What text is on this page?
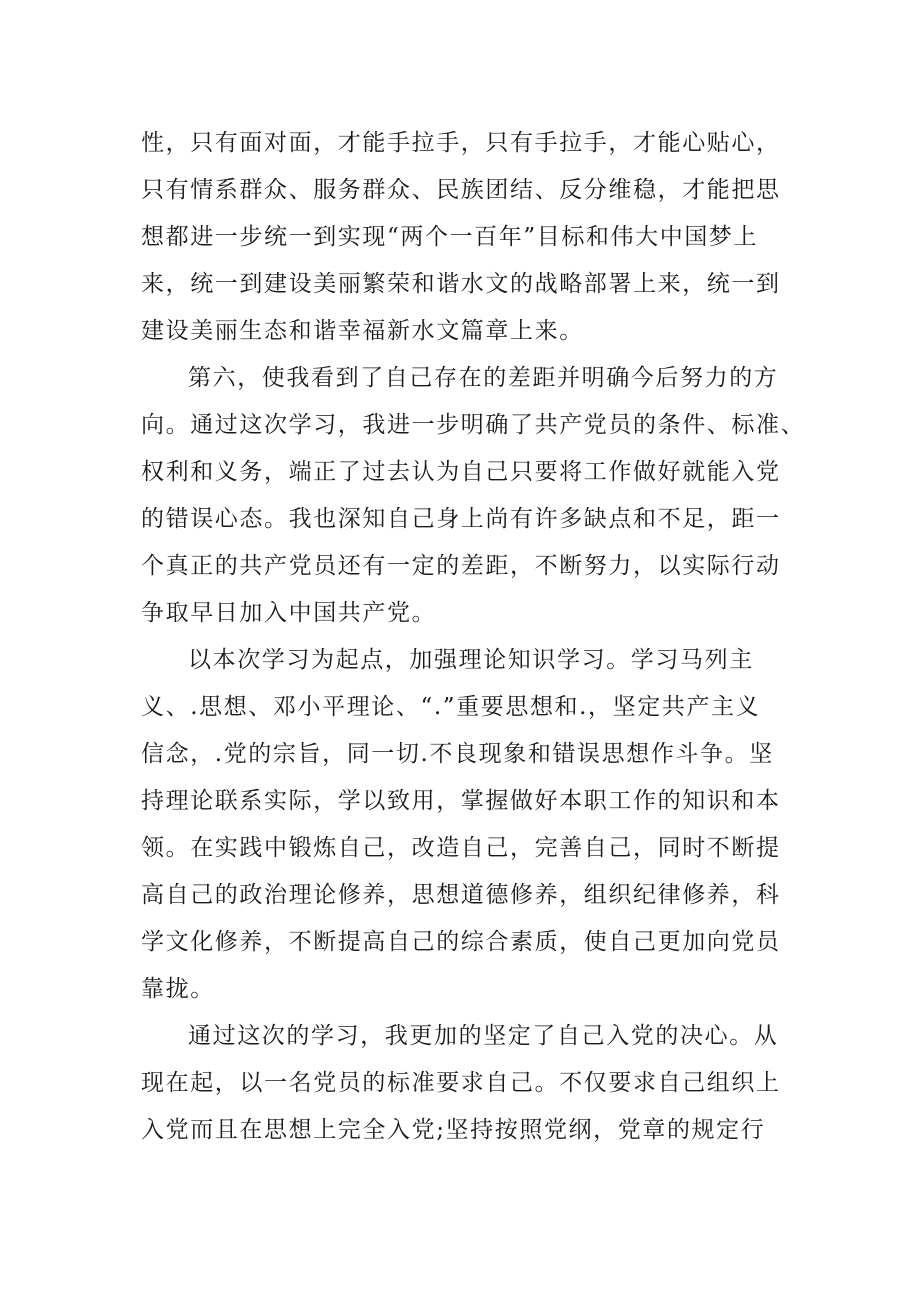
性，只有面对面，才能手拉手，只有手拉手，才能心贴心，
只有情系群众、服务群众、民族团结、反分维稳，才能把思
想都进一步统一到实现“两个一百年”目标和伟大中国梦上
来，统一到建设美丽繁荣和谐水文的战略部署上来，统一到
建设美丽生态和谐幸福新水文篇章上来。
第六，使我看到了自己存在的差距并明确今后努力的方
向。通过这次学习，我进一步明确了共产党员的条件、标准、
权利和义务，端正了过去认为自己只要将工作做好就能入党
的错误心态。我也深知自己身上尚有许多缺点和不足，距一
个真正的共产党员还有一定的差距，不断努力，以实际行动
争取早日加入中国共产党。
以本次学习为起点，加强理论知识学习。学习马列主
义、.思想、邓小平理论、“.”重要思想和.，坚定共产主义
信念，.党的宗旨，同一切.不良现象和错误思想作斗争。坚
持理论联系实际，学以致用，掌握做好本职工作的知识和本
领。在实践中锻炼自己，改造自己，完善自己，同时不断提
高自己的政治理论修养，思想道德修养，组织纪律修养，科
学文化修养，不断提高自己的综合素质，使自己更加向党员
靠拢。
通过这次的学习，我更加的坚定了自己入党的决心。从
现在起，以一名党员的标准要求自己。不仅要求自己组织上
入党而且在思想上完全入党;坚持按照党纲，党章的规定行
